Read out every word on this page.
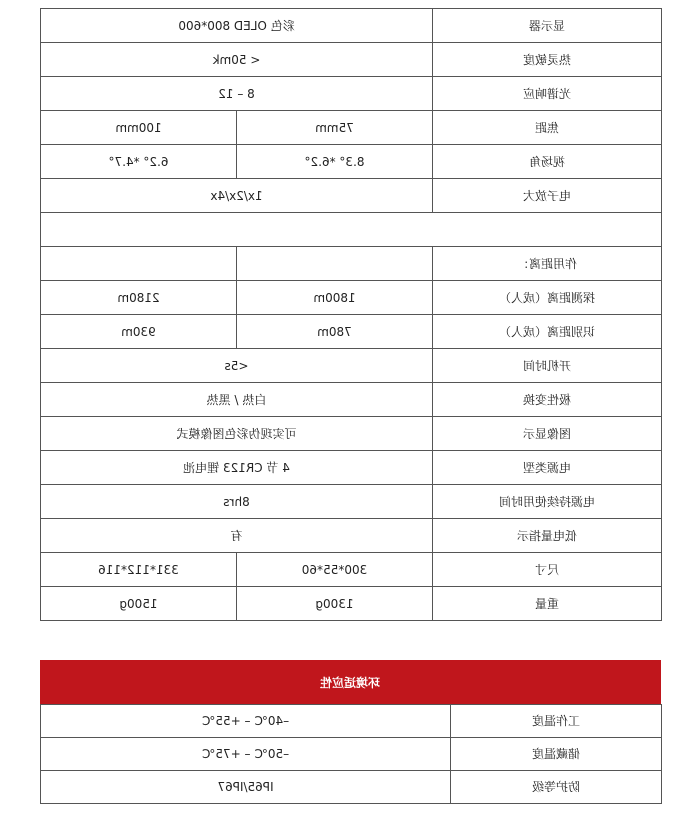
彩色 OLED 800*600		显示器

< 50mk		热灵敏度

8 – 12		光谱响应

100mm	75mm	焦距

6.2° *4.7°	8.3° *6.2°	视场角

1x/2x/4x		电子放大

		作用距离：

2180m	1800m	探测距离（成人）

930m	780m	识别距离（成人）

<5s		开机时间

白热 / 黑热		极性变换

可实现伪彩色图像模式		图像显示

4 节 CR123 锂电池		电源类型

8hrs		电源持续使用时间

有		低电量指示

331*112*116	300*55*60	尺寸

1500g	1300g	重量
环境适应性
–40℃ – +55℃	工作温度

–50℃ – +75℃	储藏温度

IP65/IP67	防护等级
